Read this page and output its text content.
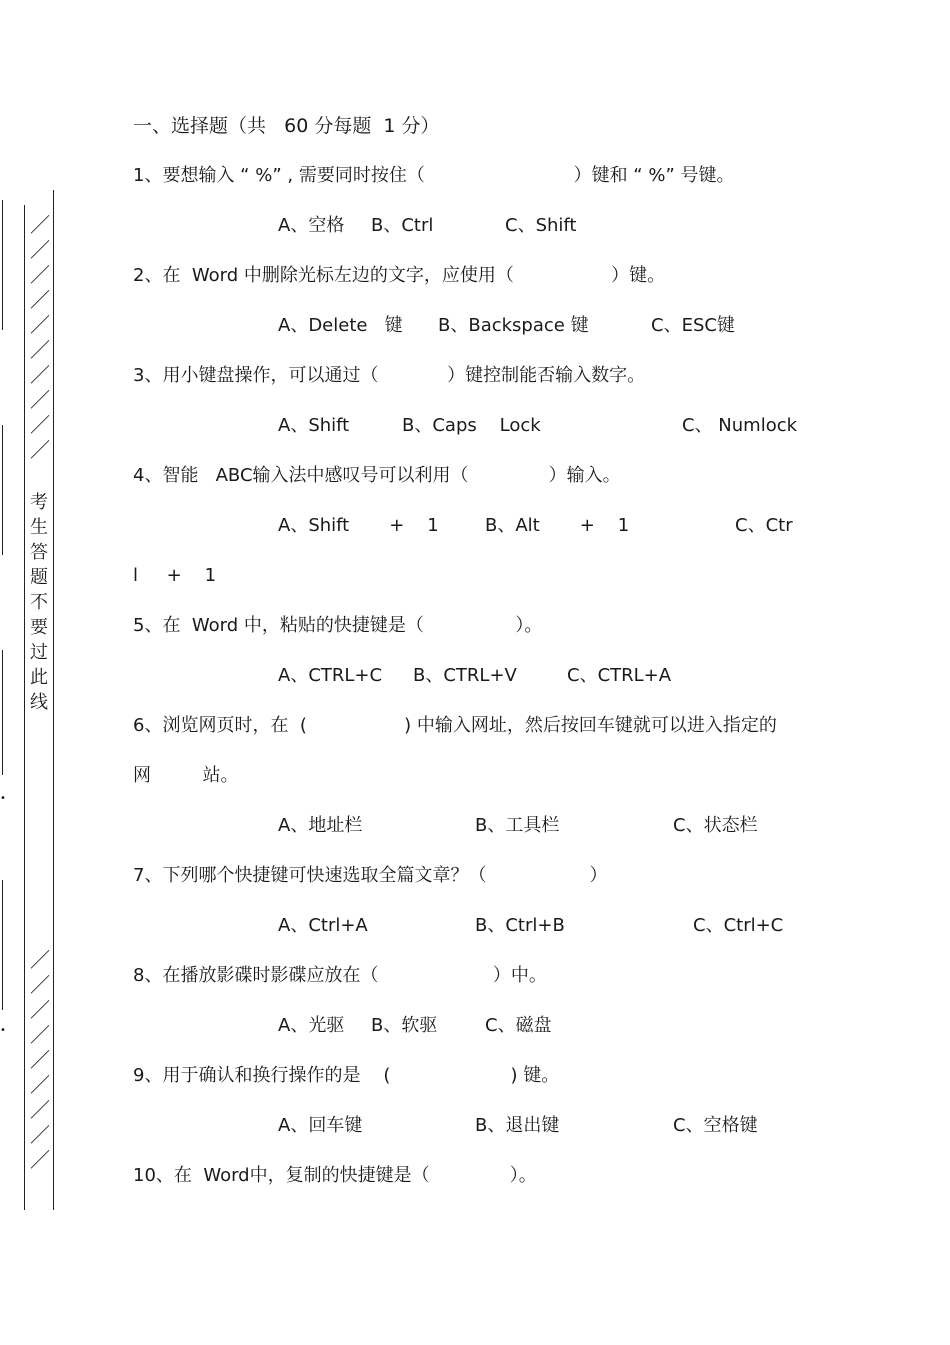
／
／
／
／
／
／
／
／
／
／
／
／
／
／
／
／
／
／
／
考
生
答
题
不
要
过
此
线
•
•
一、选择题（共   60 分每题  1 分）
1、要想输入 “ %” , 需要同时按住（                          ）键和 “ %” 号键。
A、空格 B、Ctrl	C、Shift
2、在  Word 中删除光标左边的文字，应使用（                 ）键。
A、Delete   键 B、Backspace 键	C、ESC键
3、用小键盘操作，可以通过（            ）键控制能否输入数字。
A、Shift	B、Caps    Lock	C、 Numlock
4、智能   ABC输入法中感叹号可以利用（              ）输入。
A、Shift       +    1	B、Alt       +    1	C、Ctr
l     +    1
5、在  Word 中，粘贴的快捷键是（                ）。
A、CTRL+C B、CTRL+V	C、CTRL+A
6、浏览网页时，在  (                 ) 中输入网址，然后按回车键就可以进入指定的
网         站。
A、地址栏	B、工具栏	C、状态栏
7、下列哪个快捷键可快速选取全篇文章？（                  ）
A、Ctrl+A	B、Ctrl+B	C、Ctrl+C
8、在播放影碟时影碟应放在（                    ）中。
A、光驱 B、软驱	C、磁盘
9、用于确认和换行操作的是    (                     ) 键。
A、回车键	B、退出键	C、空格键
10、在  Word中，复制的快捷键是（              ）。
